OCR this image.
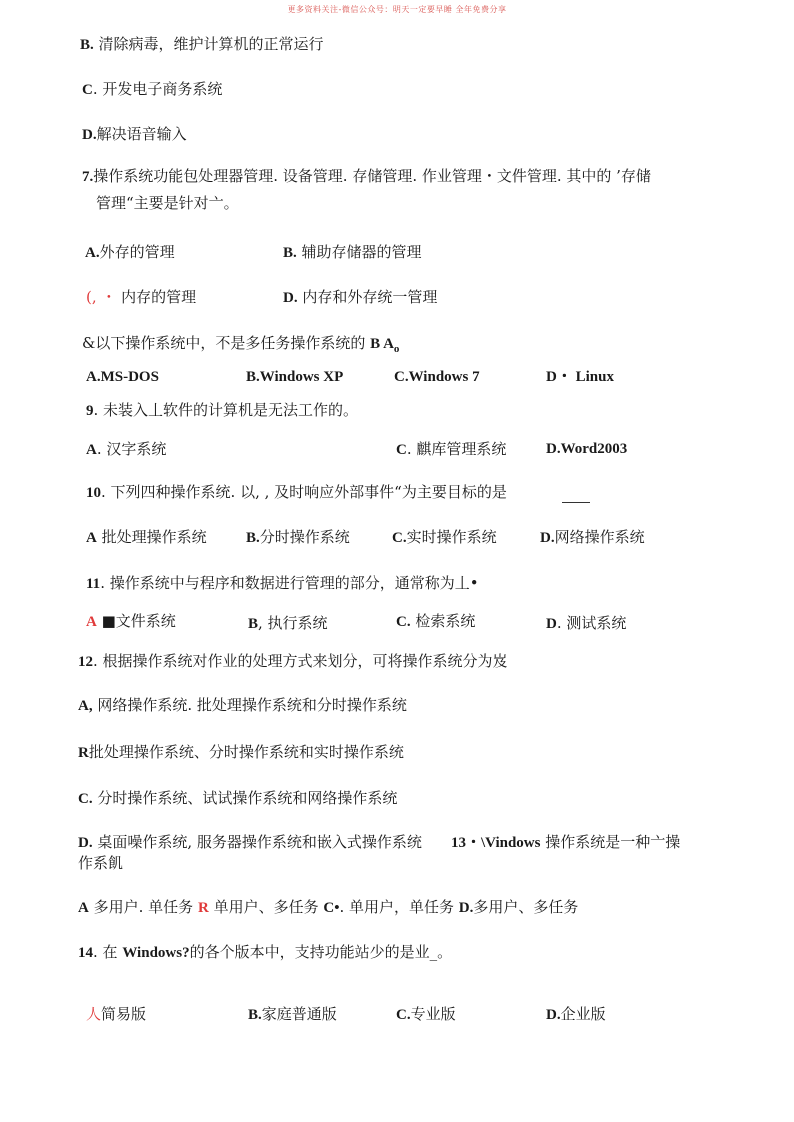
更多资料关注-微信公众号：明天一定要早睡 全年免费分享
B. 清除病毒，维护计算机的正常运行
C. 开发电子商务系统
D.解决语音输入
7.操作系统功能包处理器管理. 设备管理. 存储管理. 作业管理・文件管理. 其中的 ’存储
管理“主要是针对亠。
A.外存的管理	B. 辅助存储器的管理
(, ・ 内存的管理	D. 内存和外存统一管理
&以下操作系统中，不是多任务操作系统的 B $A_o$
A.MS-DOS	B.Windows XP	C.Windows 7	D・ Linux
9. 未装入丄软件的计算机是无法工作的。
A. 汉字系统	C. 麒库管理系统	D.Word2003
10. 下列四种操作系统. 以, , 及时响应外部事件“为主要目标的是
A 批处理操作系统	B.分时操作系统	C.实时操作系统	D.网络操作系统
11. 操作系统中与程序和数据进行管理的部分，通常称为丄•
A ■文件系统	B, 执行系统	C. 检索系统	D. 测试系统
12. 根据操作系统对作业的处理方式来划分，可将操作系统分为岌
A, 网络操作系统. 批处理操作系统和分时操作系统
R批处理操作系统、分时操作系统和实时操作系统
C. 分时操作系统、试试操作系统和网络操作系统
D. 桌面噪作系统, 服务器操作系统和嵌入式操作系统 13・\Vindows 操作系统是一种亠操
作系飢
A 多用户. 单任务 R 单用户、多任务 C•. 单用户，单任务 D.多用户、多任务
14. 在 Windows?的各个版本中，支持功能站少的是业_。
人简易版	B.家庭普通版	C.专业版	D.企业版
